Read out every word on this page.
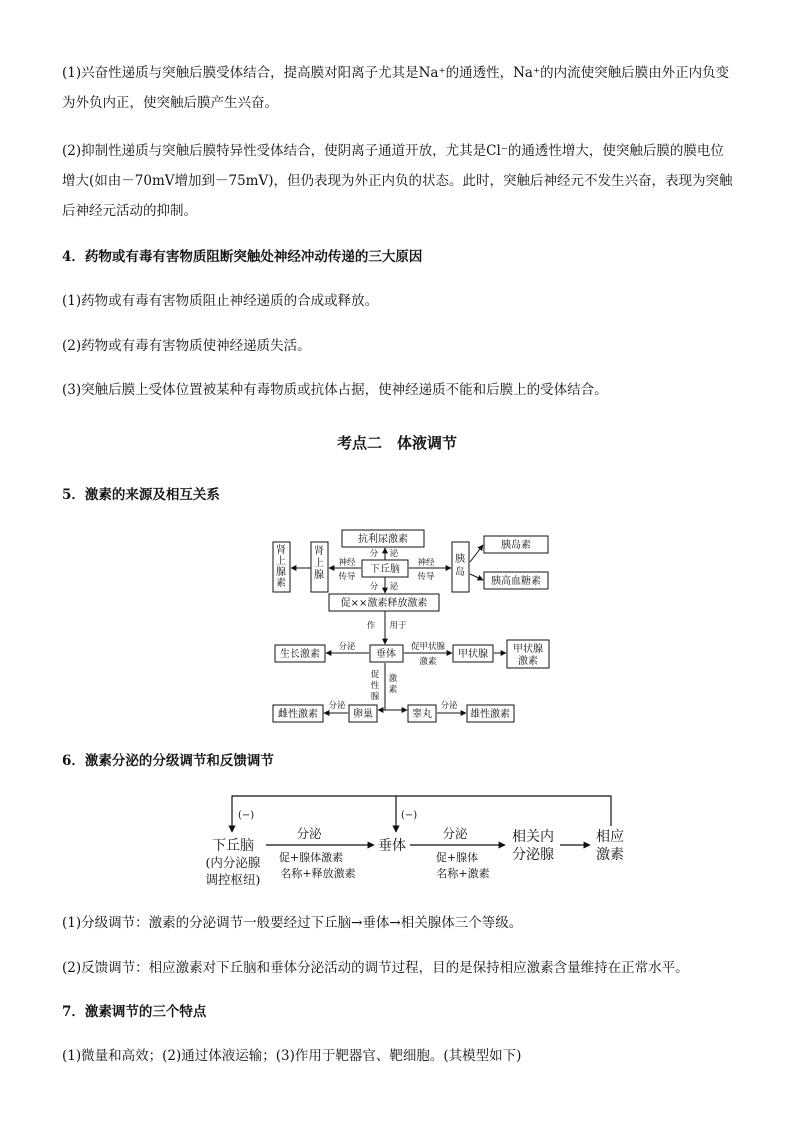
(1)兴奋性递质与突触后膜受体结合，提高膜对阳离子尤其是Na⁺的通透性，Na⁺的内流使突触后膜由外正内负变为外负内正，使突触后膜产生兴奋。
(2)抑制性递质与突触后膜特异性受体结合，使阴离子通道开放，尤其是Cl⁻的通透性增大，使突触后膜的膜电位增大(如由－70mV增加到－75mV)，但仍表现为外正内负的状态。此时，突触后神经元不发生兴奋，表现为突触后神经元活动的抑制。
4．药物或有毒有害物质阻断突触处神经冲动传递的三大原因
(1)药物或有毒有害物质阻止神经递质的合成或释放。
(2)药物或有毒有害物质使神经递质失活。
(3)突触后膜上受体位置被某种有毒物质或抗体占据，使神经递质不能和后膜上的受体结合。
考点二　体液调节
5．激素的来源及相互关系
抗利尿激素
下丘脑
促××激素释放激素
胰岛素
胰高血糖素
垂体
生长激素	甲状腺	甲状腺
激素
雌性激素	卵巢	睾丸	雄性激素
肾
上
腺
肾
上
腺
素
胰
岛
分 泌
分 泌
神经
传导
神经
传导
作 用于
分泌	促甲状腺
激素
促
性
腺
激
素
分泌	分泌
6．激素分泌的分级调节和反馈调节
(−)	(−)
下丘脑	垂体
相关内
分泌腺
相应
激素
(内分泌腺
调控枢纽)
分泌	分泌
促+腺体激素
名称+释放激素
促+腺体
名称+激素
(1)分级调节：激素的分泌调节一般要经过下丘脑→垂体→相关腺体三个等级。
(2)反馈调节：相应激素对下丘脑和垂体分泌活动的调节过程，目的是保持相应激素含量维持在正常水平。
7．激素调节的三个特点
(1)微量和高效；(2)通过体液运输；(3)作用于靶器官、靶细胞。(其模型如下)
